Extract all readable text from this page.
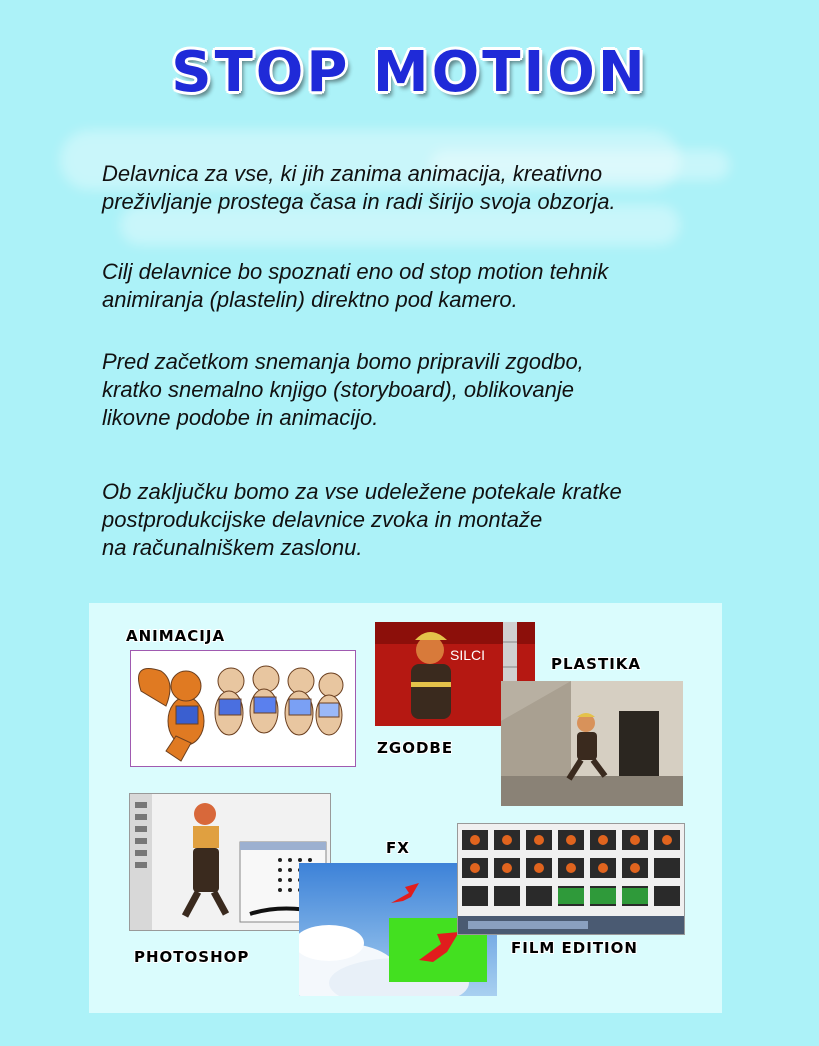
STOP MOTION

Delavnica za vse, ki jih zanima animacija, kreativno
preživljanje prostega časa in radi širijo svoja obzorja.

Cilj delavnice bo spoznati eno od stop motion tehnik
animiranja (plastelin) direktno pod kamero.

Pred začetkom snemanja bomo pripravili zgodbo,
kratko snemalno knjigo (storyboard), oblikovanje
likovne podobe in animacijo.

Ob zaključku bomo za vse udeležene potekale kratke
postprodukcijske delavnice zvoka in montaže
na računalniškem zaslonu.

ANIMACIJA
SILCI
ZGODBE
PLASTIKA
PHOTOSHOP
FX
FILM EDITION
